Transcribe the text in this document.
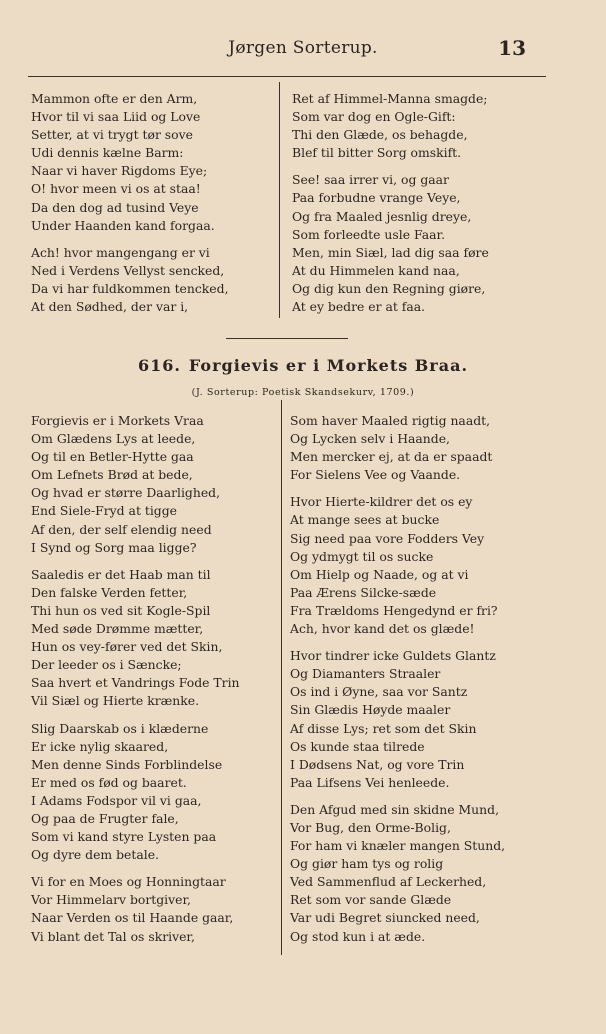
Jørgen Sorterup.	13
Mammon ofte er den Arm,
Hvor til vi saa Liid og Love
Setter, at vi trygt tør sove
Udi dennis kælne Barm:
Naar vi haver Rigdoms Eye;
O! hvor meen vi os at staa!
Da den dog ad tusind Veye
Under Haanden kand forgaa.
Ach! hvor mangengang er vi
Ned i Verdens Vellyst sencked,
Da vi har fuldkommen tencked,
At den Sødhed, der var i,
Ret af Himmel-Manna smagde;
Som var dog en Ogle-Gift:
Thi den Glæde, os behagde,
Blef til bitter Sorg omskift.
See! saa irrer vi, og gaar
Paa forbudne vrange Veye,
Og fra Maaled jesnlig dreye,
Som forleedte usle Faar.
Men, min Siæl, lad dig saa føre
At du Himmelen kand naa,
Og dig kun den Regning giøre,
At ey bedre er at faa.
616. Forgievis er i Morkets Braa.
(J. Sorterup: Poetisk Skandsekurv, 1709.)
Forgievis er i Morkets Vraa
Om Glædens Lys at leede,
Og til en Betler-Hytte gaa
Om Lefnets Brød at bede,
Og hvad er større Daarlighed,
End Siele-Fryd at tigge
Af den, der self elendig need
I Synd og Sorg maa ligge?
Saaledis er det Haab man til
Den falske Verden fetter,
Thi hun os ved sit Kogle-Spil
Med søde Drømme mætter,
Hun os vey-fører ved det Skin,
Der leeder os i Sæncke;
Saa hvert et Vandrings Fode Trin
Vil Siæl og Hierte krænke.
Slig Daarskab os i klæderne
Er icke nylig skaared,
Men denne Sinds Forblindelse
Er med os fød og baaret.
I Adams Fodspor vil vi gaa,
Og paa de Frugter fale,
Som vi kand styre Lysten paa
Og dyre dem betale.
Vi for en Moes og Honningtaar
Vor Himmelarv bortgiver,
Naar Verden os til Haande gaar,
Vi blant det Tal os skriver,
Som haver Maaled rigtig naadt,
Og Lycken selv i Haande,
Men mercker ej, at da er spaadt
For Sielens Vee og Vaande.
Hvor Hierte-kildrer det os ey
At mange sees at bucke
Sig need paa vore Fodders Vey
Og ydmygt til os sucke
Om Hielp og Naade, og at vi
Paa Ærens Silcke-sæde
Fra Trældoms Hengedynd er fri?
Ach, hvor kand det os glæde!
Hvor tindrer icke Guldets Glantz
Og Diamanters Straaler
Os ind i Øyne, saa vor Santz
Sin Glædis Høyde maaler
Af disse Lys; ret som det Skin
Os kunde staa tilrede
I Dødsens Nat, og vore Trin
Paa Lifsens Vei henleede.
Den Afgud med sin skidne Mund,
Vor Bug, den Orme-Bolig,
For ham vi knæler mangen Stund,
Og giør ham tys og rolig
Ved Sammenflud af Leckerhed,
Ret som vor sande Glæde
Var udi Begret siuncked need,
Og stod kun i at æde.
